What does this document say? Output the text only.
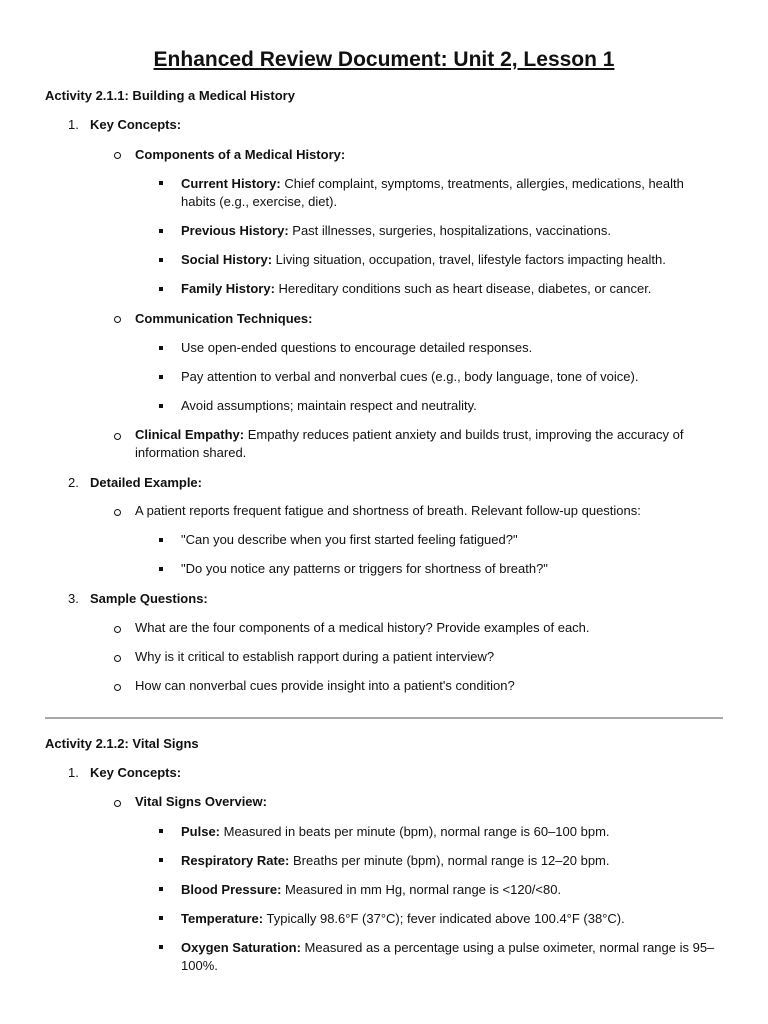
Enhanced Review Document: Unit 2, Lesson 1
Activity 2.1.1: Building a Medical History
1. Key Concepts:
Components of a Medical History:
Current History: Chief complaint, symptoms, treatments, allergies, medications, health
habits (e.g., exercise, diet).
Previous History: Past illnesses, surgeries, hospitalizations, vaccinations.
Social History: Living situation, occupation, travel, lifestyle factors impacting health.
Family History: Hereditary conditions such as heart disease, diabetes, or cancer.
Communication Techniques:
Use open-ended questions to encourage detailed responses.
Pay attention to verbal and nonverbal cues (e.g., body language, tone of voice).
Avoid assumptions; maintain respect and neutrality.
Clinical Empathy: Empathy reduces patient anxiety and builds trust, improving the accuracy of
information shared.
2. Detailed Example:
A patient reports frequent fatigue and shortness of breath. Relevant follow-up questions:
"Can you describe when you first started feeling fatigued?"
"Do you notice any patterns or triggers for shortness of breath?"
3. Sample Questions:
What are the four components of a medical history? Provide examples of each.
Why is it critical to establish rapport during a patient interview?
How can nonverbal cues provide insight into a patient's condition?
Activity 2.1.2: Vital Signs
1. Key Concepts:
Vital Signs Overview:
Pulse: Measured in beats per minute (bpm), normal range is 60–100 bpm.
Respiratory Rate: Breaths per minute (bpm), normal range is 12–20 bpm.
Blood Pressure: Measured in mm Hg, normal range is <120/<80.
Temperature: Typically 98.6°F (37°C); fever indicated above 100.4°F (38°C).
Oxygen Saturation: Measured as a percentage using a pulse oximeter, normal range is 95–
100%.
